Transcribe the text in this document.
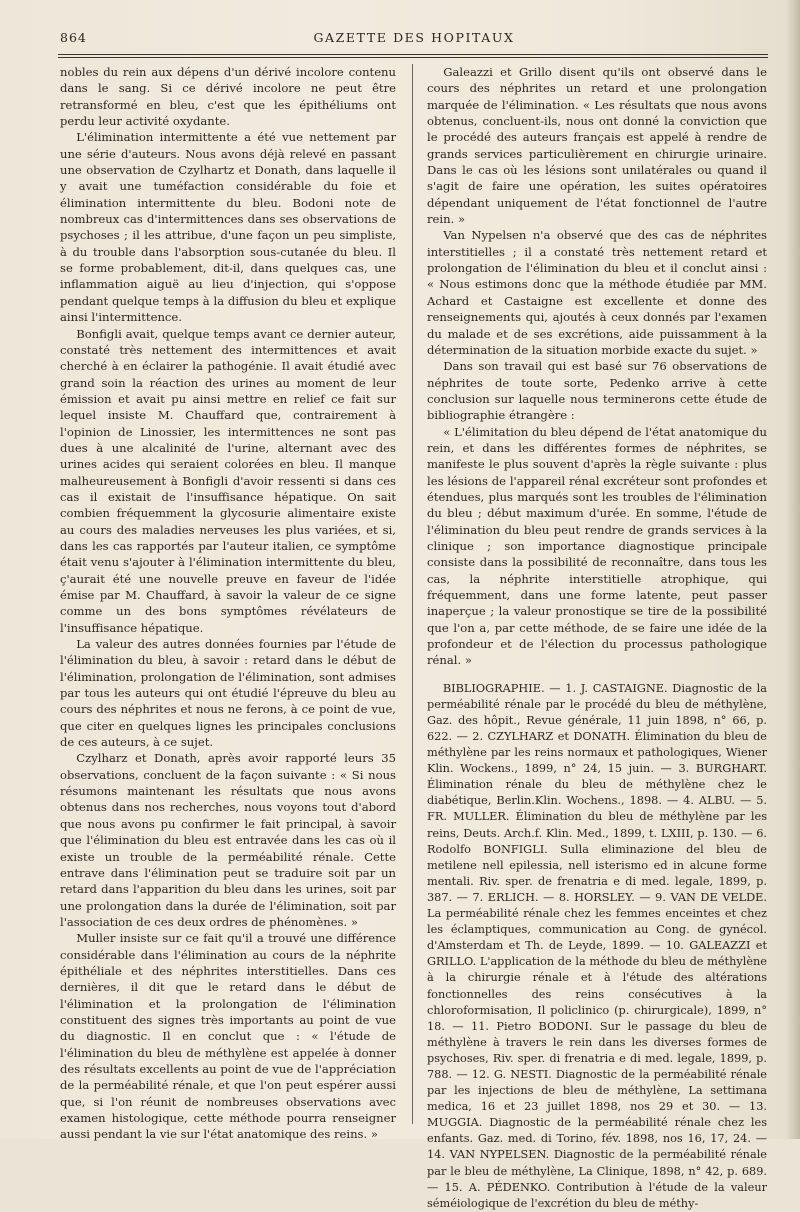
864	GAZETTE DES HOPITAUX

nobles du rein aux dépens d'un dérivé incolore contenu dans le sang. Si ce dérivé incolore ne peut être retransformé en bleu, c'est que les épithéliums ont perdu leur activité oxydante.

L'élimination intermittente a été vue nettement par une série d'auteurs. Nous avons déjà relevé en passant une observation de Czylhartz et Donath, dans laquelle il y avait une tuméfaction considérable du foie et élimination intermittente du bleu. Bodoni note de nombreux cas d'intermittences dans ses observations de psychoses ; il les attribue, d'une façon un peu simpliste, à du trouble dans l'absorption sous-cutanée du bleu. Il se forme probablement, dit-il, dans quelques cas, une inflammation aiguë au lieu d'injection, qui s'oppose pendant quelque temps à la diffusion du bleu et explique ainsi l'intermittence.

Bonfigli avait, quelque temps avant ce dernier auteur, constaté très nettement des intermittences et avait cherché à en éclairer la pathogénie. Il avait étudié avec grand soin la réaction des urines au moment de leur émission et avait pu ainsi mettre en relief ce fait sur lequel insiste M. Chauffard que, contrairement à l'opinion de Linossier, les intermittences ne sont pas dues à une alcalinité de l'urine, alternant avec des urines acides qui seraient colorées en bleu. Il manque malheureusement à Bonfigli d'avoir ressenti si dans ces cas il existait de l'insuffisance hépatique. On sait combien fréquemment la glycosurie alimentaire existe au cours des maladies nerveuses les plus variées, et si, dans les cas rapportés par l'auteur italien, ce symptôme était venu s'ajouter à l'élimination intermittente du bleu, ç'aurait été une nouvelle preuve en faveur de l'idée émise par M. Chauffard, à savoir la valeur de ce signe comme un des bons symptômes révélateurs de l'insuffisance hépatique.

La valeur des autres données fournies par l'étude de l'élimination du bleu, à savoir : retard dans le début de l'élimination, prolongation de l'élimination, sont admises par tous les auteurs qui ont étudié l'épreuve du bleu au cours des néphrites et nous ne ferons, à ce point de vue, que citer en quelques lignes les principales conclusions de ces auteurs, à ce sujet.

Czylharz et Donath, après avoir rapporté leurs 35 observations, concluent de la façon suivante : « Si nous résumons maintenant les résultats que nous avons obtenus dans nos recherches, nous voyons tout d'abord que nous avons pu confirmer le fait principal, à savoir que l'élimination du bleu est entravée dans les cas où il existe un trouble de la perméabilité rénale. Cette entrave dans l'élimination peut se traduire soit par un retard dans l'apparition du bleu dans les urines, soit par une prolongation dans la durée de l'élimination, soit par l'association de ces deux ordres de phénomènes. »

Muller insiste sur ce fait qu'il a trouvé une différence considérable dans l'élimination au cours de la néphrite épithéliale et des néphrites interstitielles. Dans ces dernières, il dit que le retard dans le début de l'élimination et la prolongation de l'élimination constituent des signes très importants au point de vue du diagnostic. Il en conclut que : « l'étude de l'élimination du bleu de méthylène est appelée à donner des résultats excellents au point de vue de l'appréciation de la perméabilité rénale, et que l'on peut espérer aussi que, si l'on réunit de nombreuses observations avec examen histologique, cette méthode pourra renseigner aussi pendant la vie sur l'état anatomique des reins. »

Galeazzi et Grillo disent qu'ils ont observé dans le cours des néphrites un retard et une prolongation marquée de l'élimination. « Les résultats que nous avons obtenus, concluent-ils, nous ont donné la conviction que le procédé des auteurs français est appelé à rendre de grands services particulièrement en chirurgie urinaire. Dans le cas où les lésions sont unilatérales ou quand il s'agit de faire une opération, les suites opératoires dépendant uniquement de l'état fonctionnel de l'autre rein. »

Van Nypelsen n'a observé que des cas de néphrites interstitielles ; il a constaté très nettement retard et prolongation de l'élimination du bleu et il conclut ainsi : « Nous estimons donc que la méthode étudiée par MM. Achard et Castaigne est excellente et donne des renseignements qui, ajoutés à ceux donnés par l'examen du malade et de ses excrétions, aide puissamment à la détermination de la situation morbide exacte du sujet. »

Dans son travail qui est basé sur 76 observations de néphrites de toute sorte, Pedenko arrive à cette conclusion sur laquelle nous terminerons cette étude de bibliographie étrangère :

« L'élimitation du bleu dépend de l'état anatomique du rein, et dans les différentes formes de néphrites, se manifeste le plus souvent d'après la règle suivante : plus les lésions de l'appareil rénal excréteur sont profondes et étendues, plus marqués sont les troubles de l'élimination du bleu ; début maximum d'urée. En somme, l'étude de l'élimination du bleu peut rendre de grands services à la clinique ; son importance diagnostique principale consiste dans la possibilité de reconnaître, dans tous les cas, la néphrite interstitielle atrophique, qui fréquemment, dans une forme latente, peut passer inaperçue ; la valeur pronostique se tire de la possibilité que l'on a, par cette méthode, de se faire une idée de la profondeur et de l'élection du processus pathologique rénal. »

BIBLIOGRAPHIE. — 1. J. CASTAIGNE. Diagnostic de la perméabilité rénale par le procédé du bleu de méthylène, Gaz. des hôpit., Revue générale, 11 juin 1898, n° 66, p. 622. — 2. CZYLHARZ et DONATH. Élimination du bleu de méthylène par les reins normaux et pathologiques, Wiener Klin. Wockens., 1899, n° 24, 15 juin. — 3. BURGHART. Élimination rénale du bleu de méthylène chez le diabétique, Berlin.Klin. Wochens., 1898. — 4. ALBU. — 5. FR. MULLER. Élimination du bleu de méthylène par les reins, Deuts. Arch.f. Klin. Med., 1899, t. LXIII, p. 130. — 6. Rodolfo BONFIGLI. Sulla eliminazione del bleu de metilene nell epilessia, nell isterismo ed in alcune forme mentali. Riv. sper. de frenatria e di med. legale, 1899, p. 387. — 7. ERLICH. — 8. HORSLEY. — 9. VAN DE VELDE. La perméabilité rénale chez les femmes enceintes et chez les éclamptiques, communication au Cong. de gynécol. d'Amsterdam et Th. de Leyde, 1899. — 10. GALEAZZI et GRILLO. L'application de la méthode du bleu de méthylène à la chirurgie rénale et à l'étude des altérations fonctionnelles des reins consécutives à la chloroformisation, Il policlinico (p. chirurgicale), 1899, n° 18. — 11. Pietro BODONI. Sur le passage du bleu de méthylène à travers le rein dans les diverses formes de psychoses, Riv. sper. di frenatria e di med. legale, 1899, p. 788. — 12. G. NESTI. Diagnostic de la perméabilité rénale par les injections de bleu de méthylène, La settimana medica, 16 et 23 juillet 1898, nos 29 et 30. — 13. MUGGIA. Diagnostic de la perméabilité rénale chez les enfants. Gaz. med. di Torino, fév. 1898, nos 16, 17, 24. — 14. VAN NYPELSEN. Diagnostic de la perméabilité rénale par le bleu de méthylène, La Clinique, 1898, n° 42, p. 689. — 15. A. PÉDENKO. Contribution à l'étude de la valeur séméiologique de l'excrétion du bleu de méthy-
